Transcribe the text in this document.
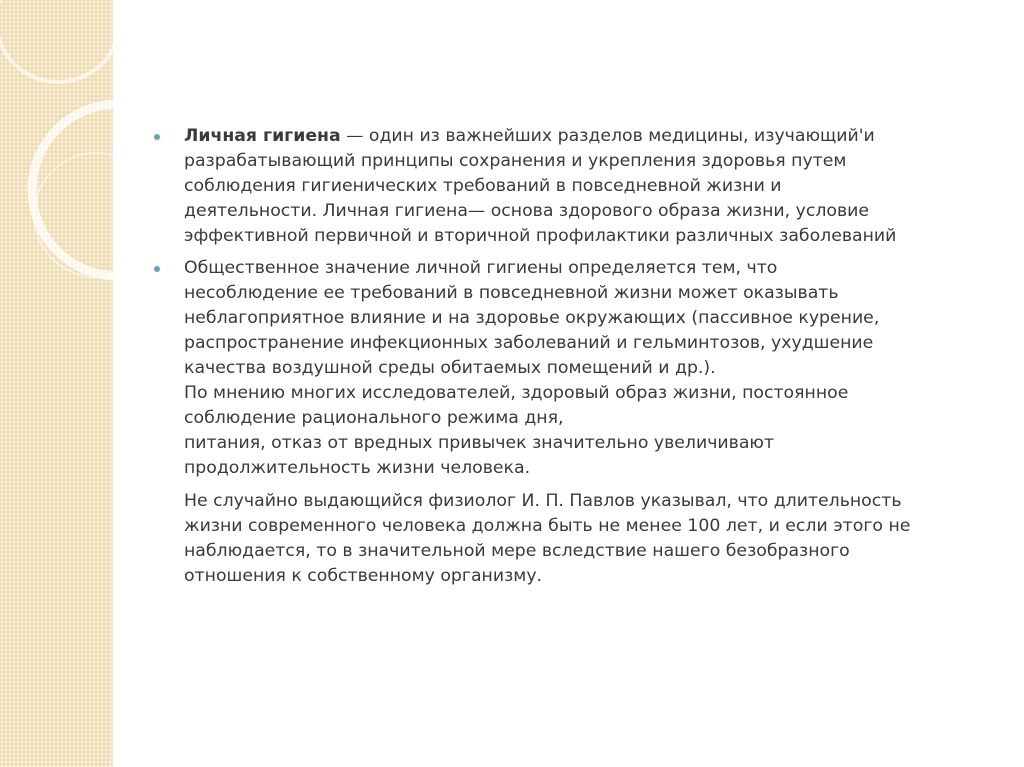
Личная гигиена — один из важнейших разделов медицины, изучающий'и
разрабатывающий принципы сохранения и укрепления здоровья путем
соблюдения гигиенических требований в повседневной жизни и
деятельности. Личная гигиена— основа здорового образа жизни, условие
эффективной первичной и вторичной профилактики различных заболеваний
Общественное значение личной гигиены определяется тем, что
несоблюдение ее требований в повседневной жизни может оказывать
неблагоприятное влияние и на здоровье окружающих (пассивное курение,
распространение инфекционных заболеваний и гельминтозов, ухудшение
качества воздушной среды обитаемых помещений и др.).
По мнению многих исследователей, здоровый образ жизни, постоянное
соблюдение рационального режима дня,
питания, отказ от вредных привычек значительно увеличивают
продолжительность жизни человека.
Не случайно выдающийся физиолог И. П. Павлов указывал, что длительность
жизни современного человека должна быть не менее 100 лет, и если этого не
наблюдается, то в значительной мере вследствие нашего безобразного
отношения к собственному организму.
